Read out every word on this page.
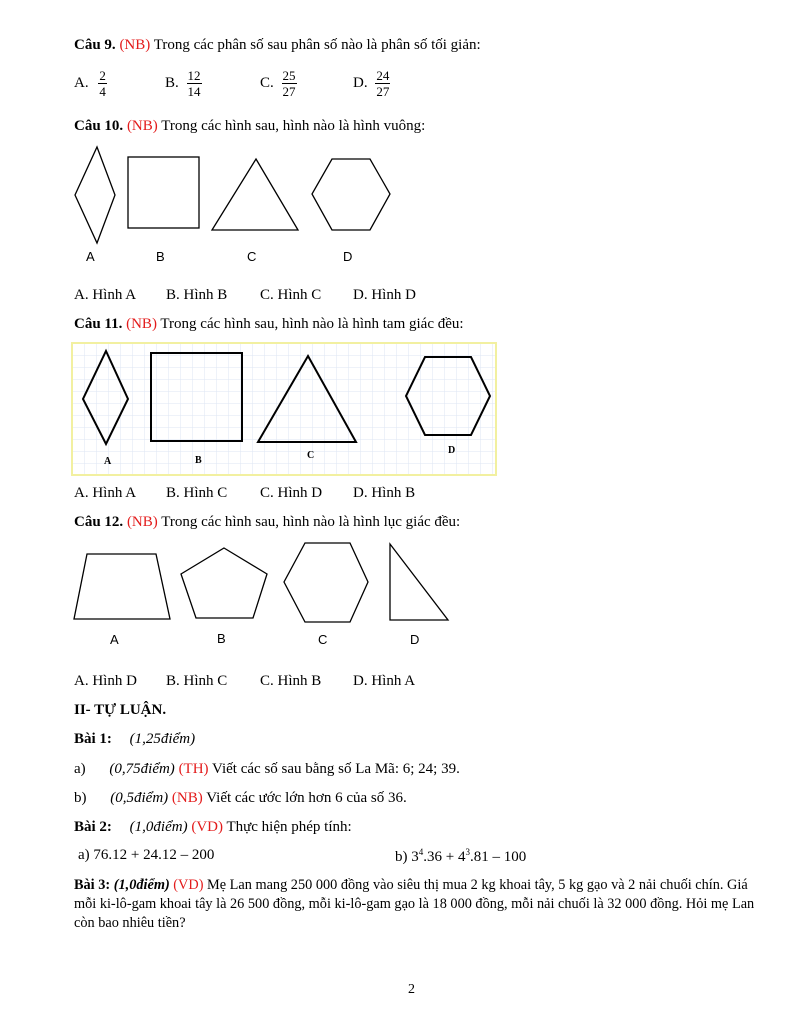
Câu 9. (NB) Trong các phân số sau phân số nào là phân số tối giản:
A. $\frac{2}{4}$	B. $\frac{12}{14}$	C. $\frac{25}{27}$	D. $\frac{24}{27}$
Câu 10. (NB) Trong các hình sau, hình nào là hình vuông:
A	B	C	D
A. Hình A B. Hình B C. Hình C D. Hình D
Câu 11. (NB) Trong các hình sau, hình nào là hình tam giác đều:
A	B	C	D
A. Hình A B. Hình C C. Hình D D. Hình B
Câu 12. (NB) Trong các hình sau, hình nào là hình lục giác đều:
A	B	C	D
A. Hình D B. Hình C C. Hình B D. Hình A
II- TỰ LUẬN.
Bài 1: (1,25điểm)
a) (0,75điểm) (TH) Viết các số sau bằng số La Mã: 6; 24; 39.
b) (0,5điểm) (NB) Viết các ước lớn hơn 6 của số 36.
Bài 2: (1,0điểm) (VD) Thực hiện phép tính:
a) 76.12 + 24.12 – 200	b) $3^4.36 + 4^3.81 - 100$
Bài 3: (1,0điểm) (VD) Mẹ Lan mang 250 000 đồng vào siêu thị mua 2 kg khoai tây, 5 kg gạo và 2 nải chuối chín. Giá mỗi ki-lô-gam khoai tây là 26 500 đồng, mỗi ki-lô-gam gạo là 18 000 đồng, mỗi nải chuối là 32 000 đồng. Hỏi mẹ Lan còn bao nhiêu tiền?
2
